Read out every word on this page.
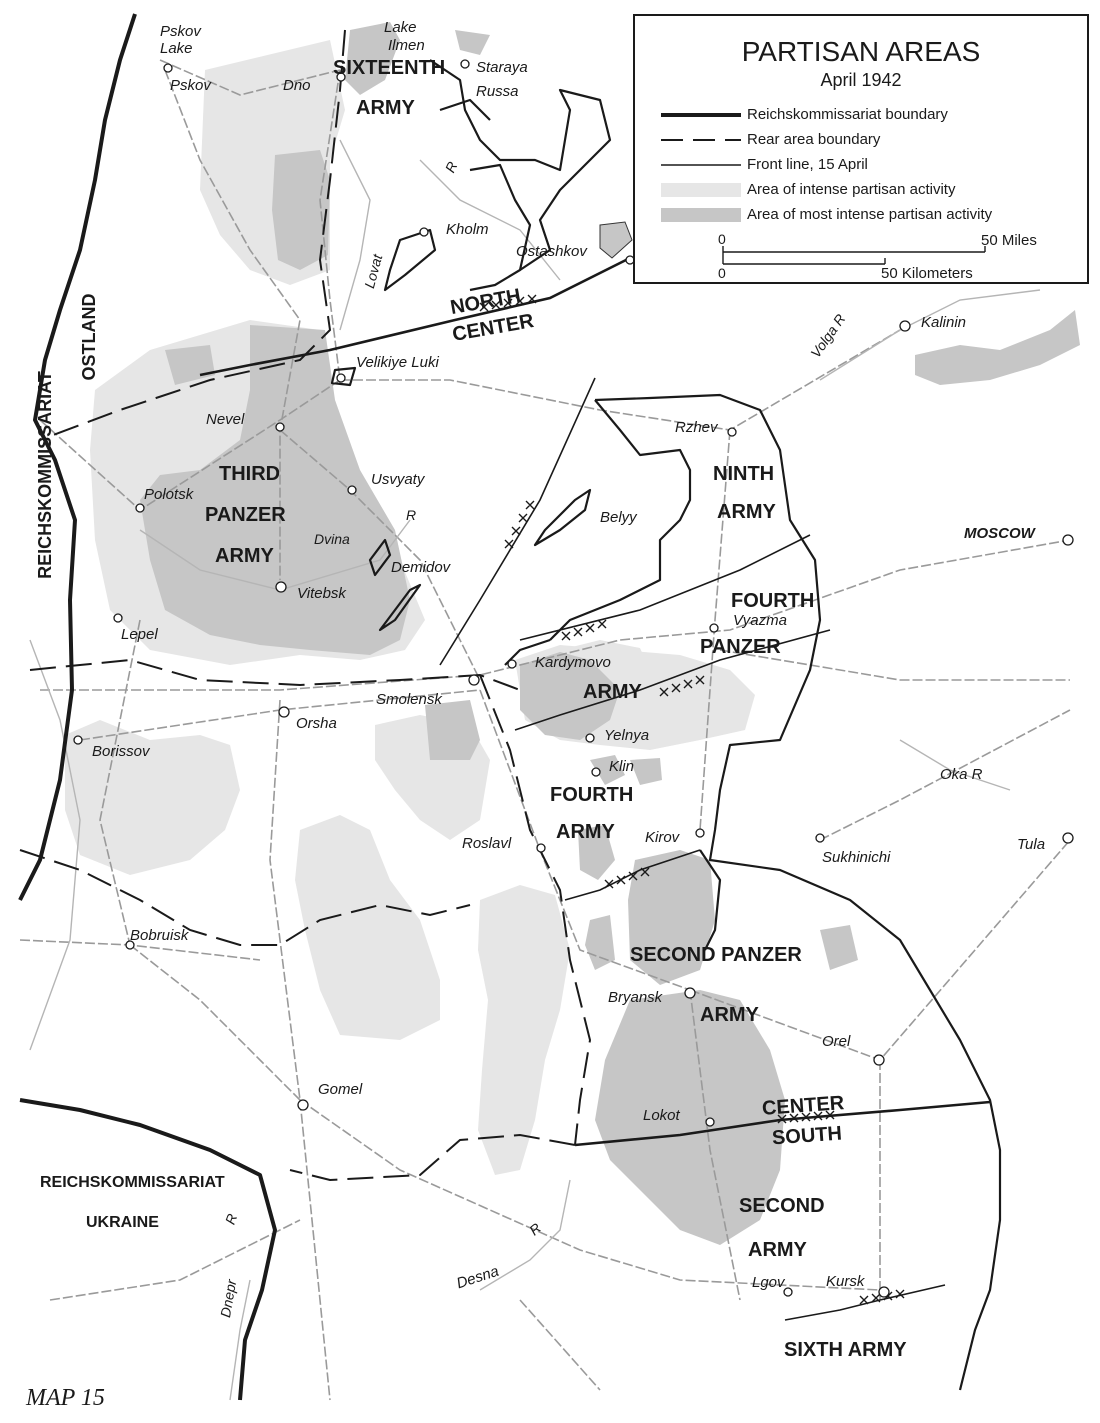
REICHSKOMMISSARIAT
OSTLAND
REICHSKOMMISSARIAT
UKRAINE
SIXTEENTH
ARMY
THIRD
PANZER
ARMY
NINTH
ARMY
FOURTH
PANZER
ARMY
FOURTH
ARMY
SECOND PANZER
ARMY
SECOND
ARMY
SIXTH ARMY
NORTH
CENTER
CENTER
SOUTH
Pskov
Lake
Lake
Ilmen
Pskov	Dno
Staraya
Russa
Kholm
Ostashkov
Velikiye Luki
Kalinin
Nevel	Rzhev
Usvyaty
Polotsk
Belyy
MOSCOW
Demidov
Vitebsk
Vyazma
Lepel
Kardymovo
Smolensk
Orsha
Yelnya
Borissov
Klin	Oka R
Roslavl	Kirov
Sukhinichi
Tula
Bobruisk
Bryansk
Orel
Gomel
Lokot
Desna	Lgov	Kursk
Lovat
R
Volga R
Dvina
R
Dnepr
R
R
PARTISAN AREAS
April 1942
Reichskommissariat boundary
Rear area boundary
Front line, 15 April
Area of intense partisan activity
Area of most intense partisan activity
0	50 Miles
0	50 Kilometers
MAP 15
